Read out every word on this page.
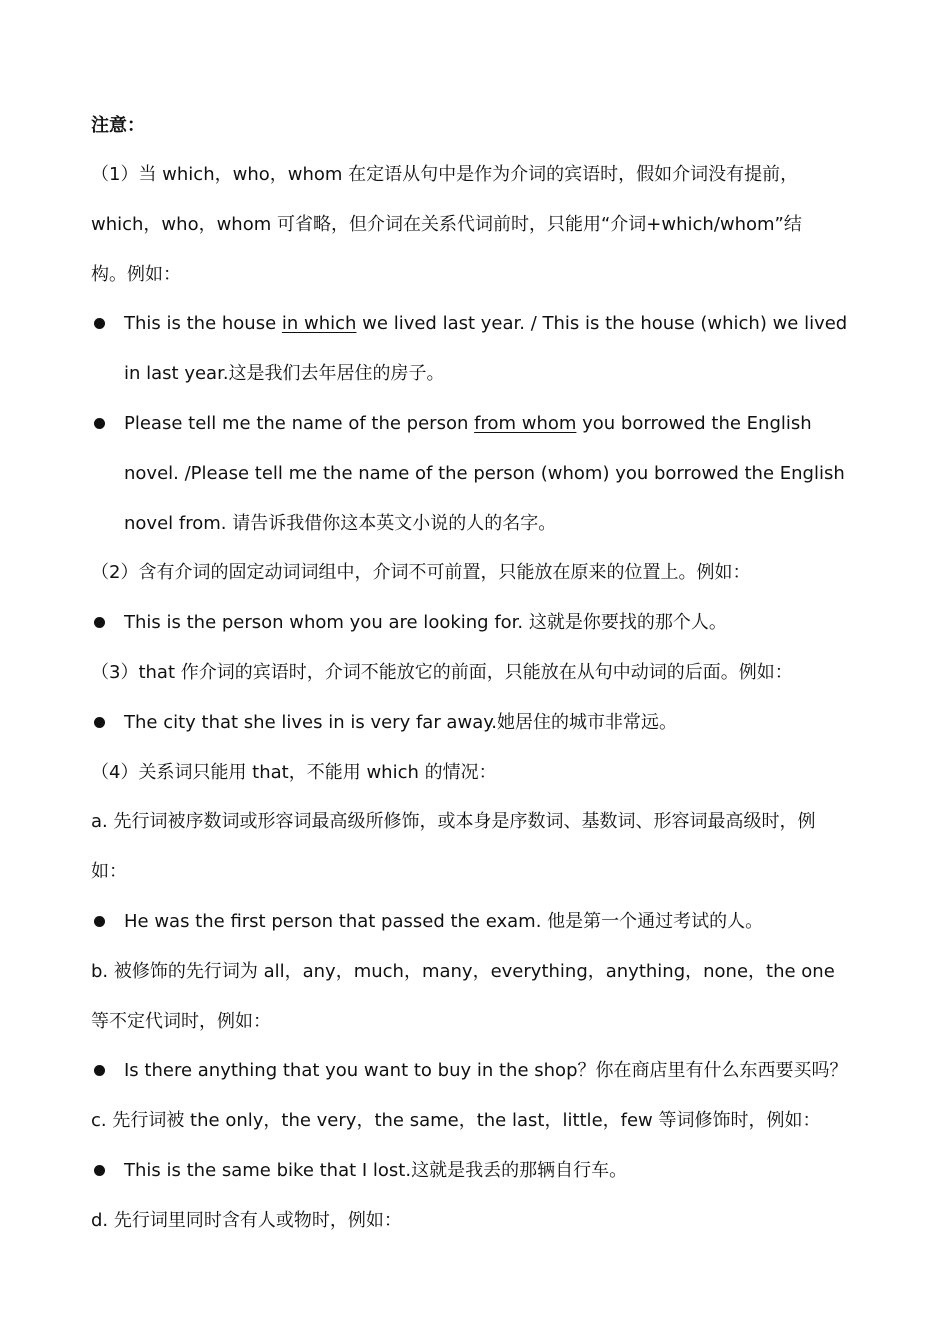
注意：
（1）当 which，who，whom 在定语从句中是作为介词的宾语时，假如介词没有提前，
which，who，whom 可省略，但介词在关系代词前时，只能用“介词+which/whom”结
构。例如：
This is the house in which we lived last year. / This is the house (which) we lived
in last year.这是我们去年居住的房子。
Please tell me the name of the person from whom you borrowed the English
novel. /Please tell me the name of the person (whom) you borrowed the English
novel from. 请告诉我借你这本英文小说的人的名字。
（2）含有介词的固定动词词组中，介词不可前置，只能放在原来的位置上。例如：
This is the person whom you are looking for. 这就是你要找的那个人。
（3）that 作介词的宾语时，介词不能放它的前面，只能放在从句中动词的后面。例如：
The city that she lives in is very far away.她居住的城市非常远。
（4）关系词只能用 that，不能用 which 的情况：
a. 先行词被序数词或形容词最高级所修饰，或本身是序数词、基数词、形容词最高级时，例
如：
He was the first person that passed the exam. 他是第一个通过考试的人。
b. 被修饰的先行词为 all，any，much，many，everything，anything，none，the one
等不定代词时，例如：
Is there anything that you want to buy in the shop？你在商店里有什么东西要买吗？
c. 先行词被 the only，the very，the same，the last，little，few 等词修饰时，例如：
This is the same bike that I lost.这就是我丢的那辆自行车。
d. 先行词里同时含有人或物时，例如：
